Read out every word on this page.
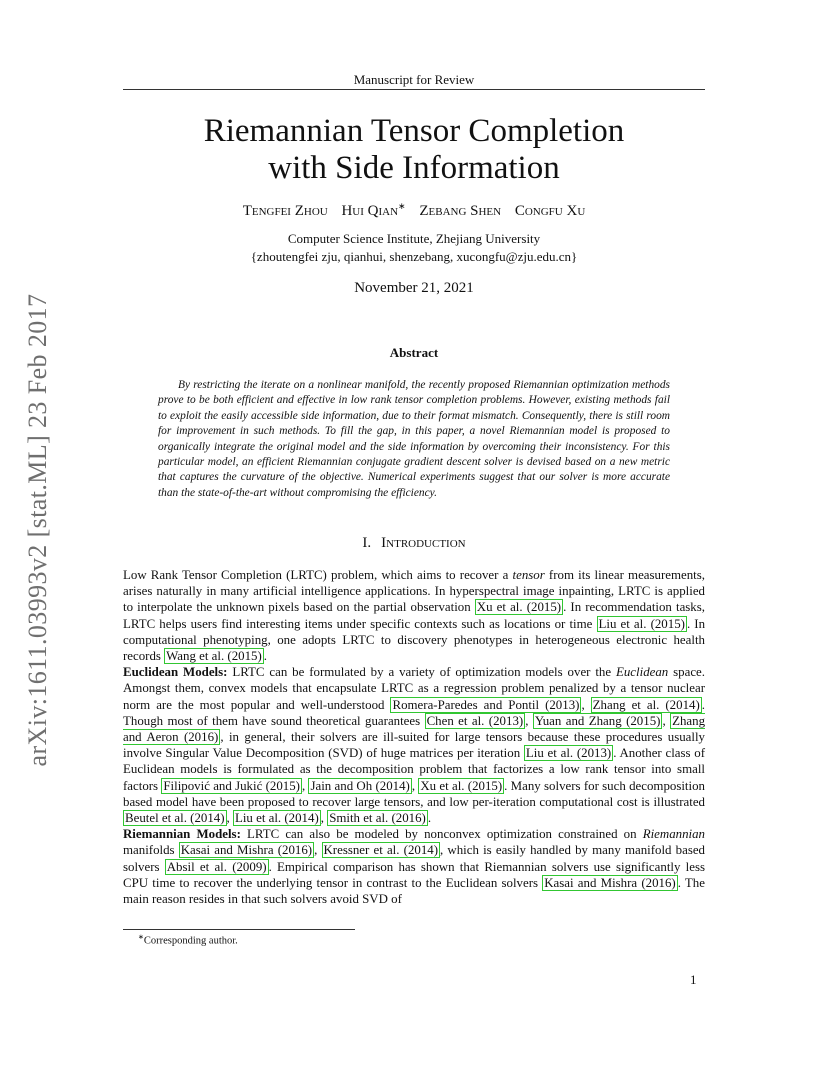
arXiv:1611.03993v2 [stat.ML] 23 Feb 2017
Manuscript for Review
Riemannian Tensor Completion
with Side Information
Tengfei Zhou Hui Qian∗ Zebang Shen Congfu Xu
Computer Science Institute, Zhejiang University
{zhoutengfei zju, qianhui, shenzebang, xucongfu@zju.edu.cn}
November 21, 2021
Abstract

By restricting the iterate on a nonlinear manifold, the recently proposed Riemannian optimization methods prove to be both efficient and effective in low rank tensor completion problems. However, existing methods fail to exploit the easily accessible side information, due to their format mismatch. Consequently, there is still room for improvement in such methods. To fill the gap, in this paper, a novel Riemannian model is proposed to organically integrate the original model and the side information by overcoming their inconsistency. For this particular model, an efficient Riemannian conjugate gradient descent solver is devised based on a new metric that captures the curvature of the objective. Numerical experiments suggest that our solver is more accurate than the state-of-the-art without compromising the efficiency.

I. Introduction

Low Rank Tensor Completion (LRTC) problem, which aims to recover a tensor from its linear measurements, arises naturally in many artificial intelligence applications. In hyperspectral image inpainting, LRTC is applied to interpolate the unknown pixels based on the partial observation Xu et al. (2015) . In recommendation tasks, LRTC helps users find interesting items under specific contexts such as locations or time Liu et al. (2015) . In computational phenotyping, one adopts LRTC to discovery phenotypes in heterogeneous electronic health records Wang et al. (2015) .

Euclidean Models: LRTC can be formulated by a variety of optimization models over the Euclidean space. Amongst them, convex models that encapsulate LRTC as a regression problem penalized by a tensor nuclear norm are the most popular and well-understood Romera-Paredes and Pontil (2013) , Zhang et al. (2014) . Though most of them have sound theoretical guarantees Chen et al. (2013) , Yuan and Zhang (2015) , Zhang and Aeron (2016) , in general, their solvers are ill-suited for large tensors because these procedures usually involve Singular Value Decomposition (SVD) of huge matrices per iteration Liu et al. (2013) . Another class of Euclidean models is formulated as the decomposition problem that factorizes a low rank tensor into small factors Filipović and Jukić (2015) , Jain and Oh (2014) , Xu et al. (2015) . Many solvers for such decomposition based model have been proposed to recover large tensors, and low per-iteration computational cost is illustrated Beutel et al. (2014) , Liu et al. (2014) , Smith et al. (2016) .

Riemannian Models: LRTC can also be modeled by nonconvex optimization constrained on Riemannian manifolds Kasai and Mishra (2016) , Kressner et al. (2014) , which is easily handled by many manifold based solvers Absil et al. (2009) . Empirical comparison has shown that Riemannian solvers use significantly less CPU time to recover the underlying tensor in contrast to the Euclidean solvers Kasai and Mishra (2016) . The main reason resides in that such solvers avoid SVD of

∗Corresponding author.
1
